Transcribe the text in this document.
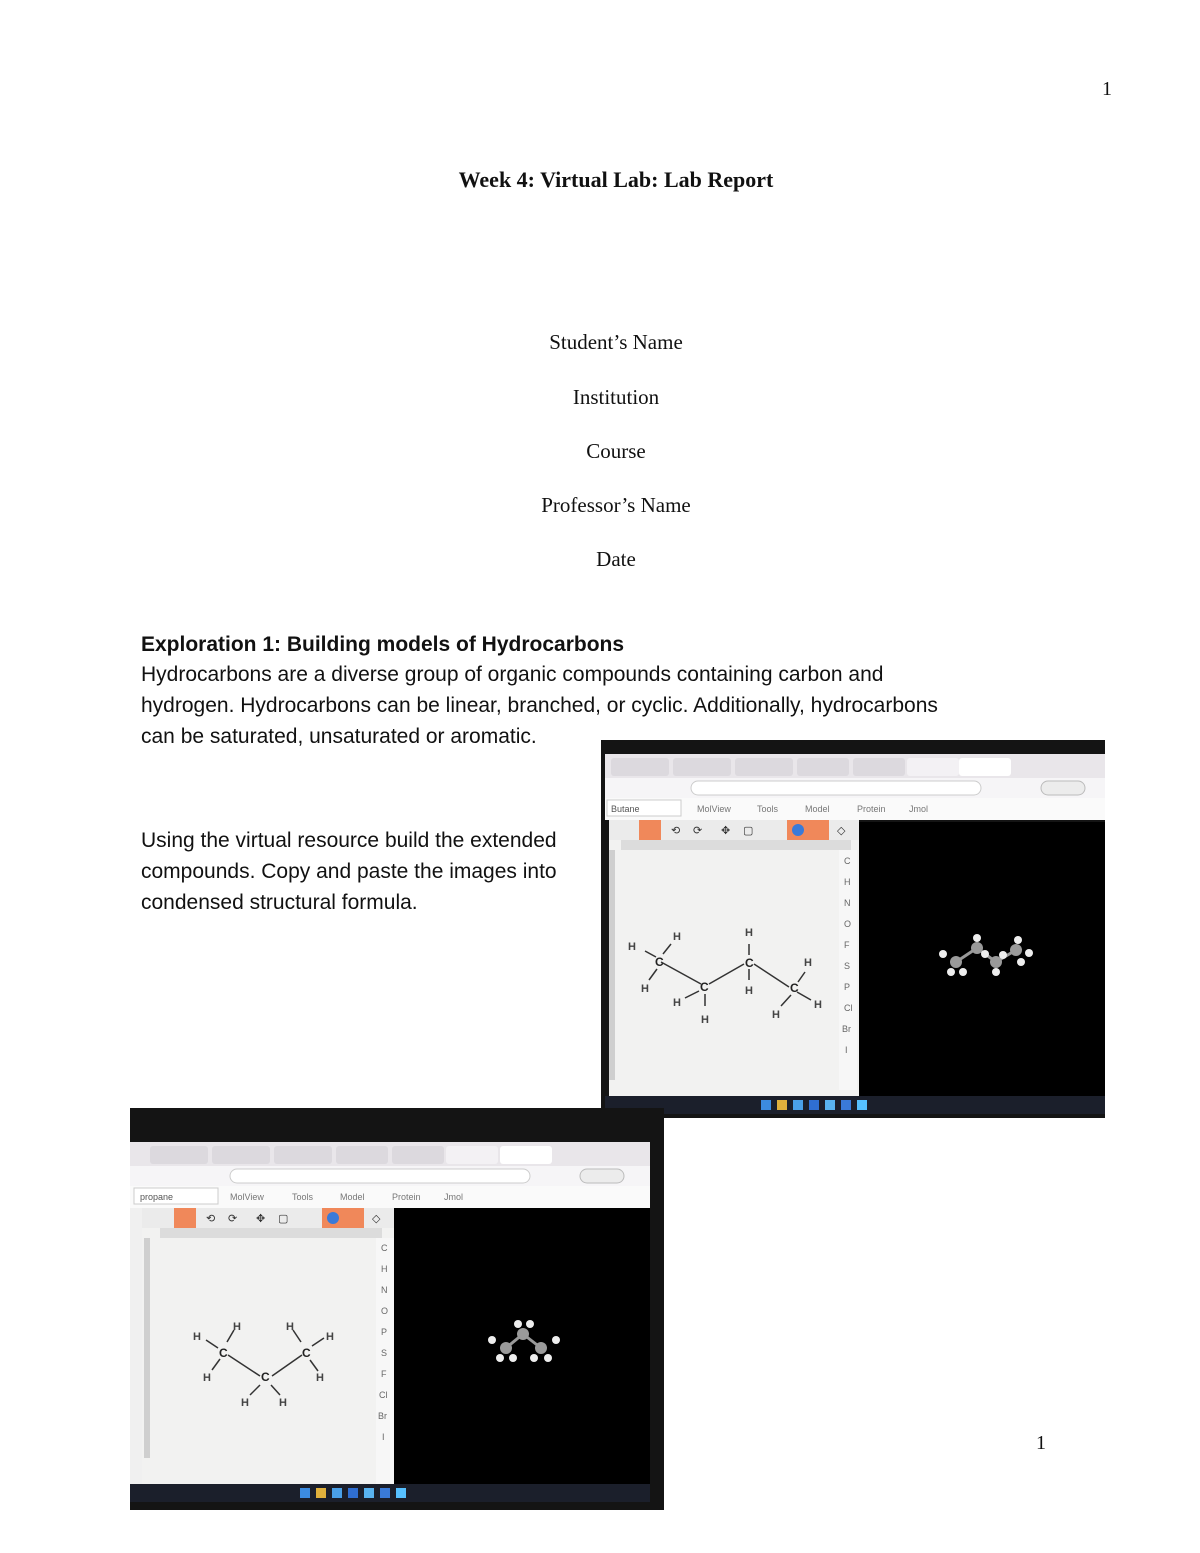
1
Week 4: Virtual Lab: Lab Report
Student’s Name
Institution
Course
Professor’s Name
Date
Exploration 1: Building models of Hydrocarbons

Hydrocarbons are a diverse group of organic compounds containing carbon and

hydrogen. Hydrocarbons can be linear, branched, or cyclic. Additionally, hydrocarbons

can be saturated, unsaturated or aromatic.

Using the virtual resource build the extended

compounds. Copy and paste the images into

condensed structural formula.

Butane	MolView	Tools	Model	Protein	Jmol
⟲ ⟳ ✥ ▢	◇
C
H
N
O
F
S
P
Cl
Br
I
C
C
C
C
H
H
H
H
H
H
H
H
H
H
propane	MolView	Tools	Model	Protein	Jmol
⟲ ⟳ ✥ ▢	◇
C
H
N
O
P
S
F
Cl
Br
I
C
C
C
H
H
H
H	H
H
H
H
1
